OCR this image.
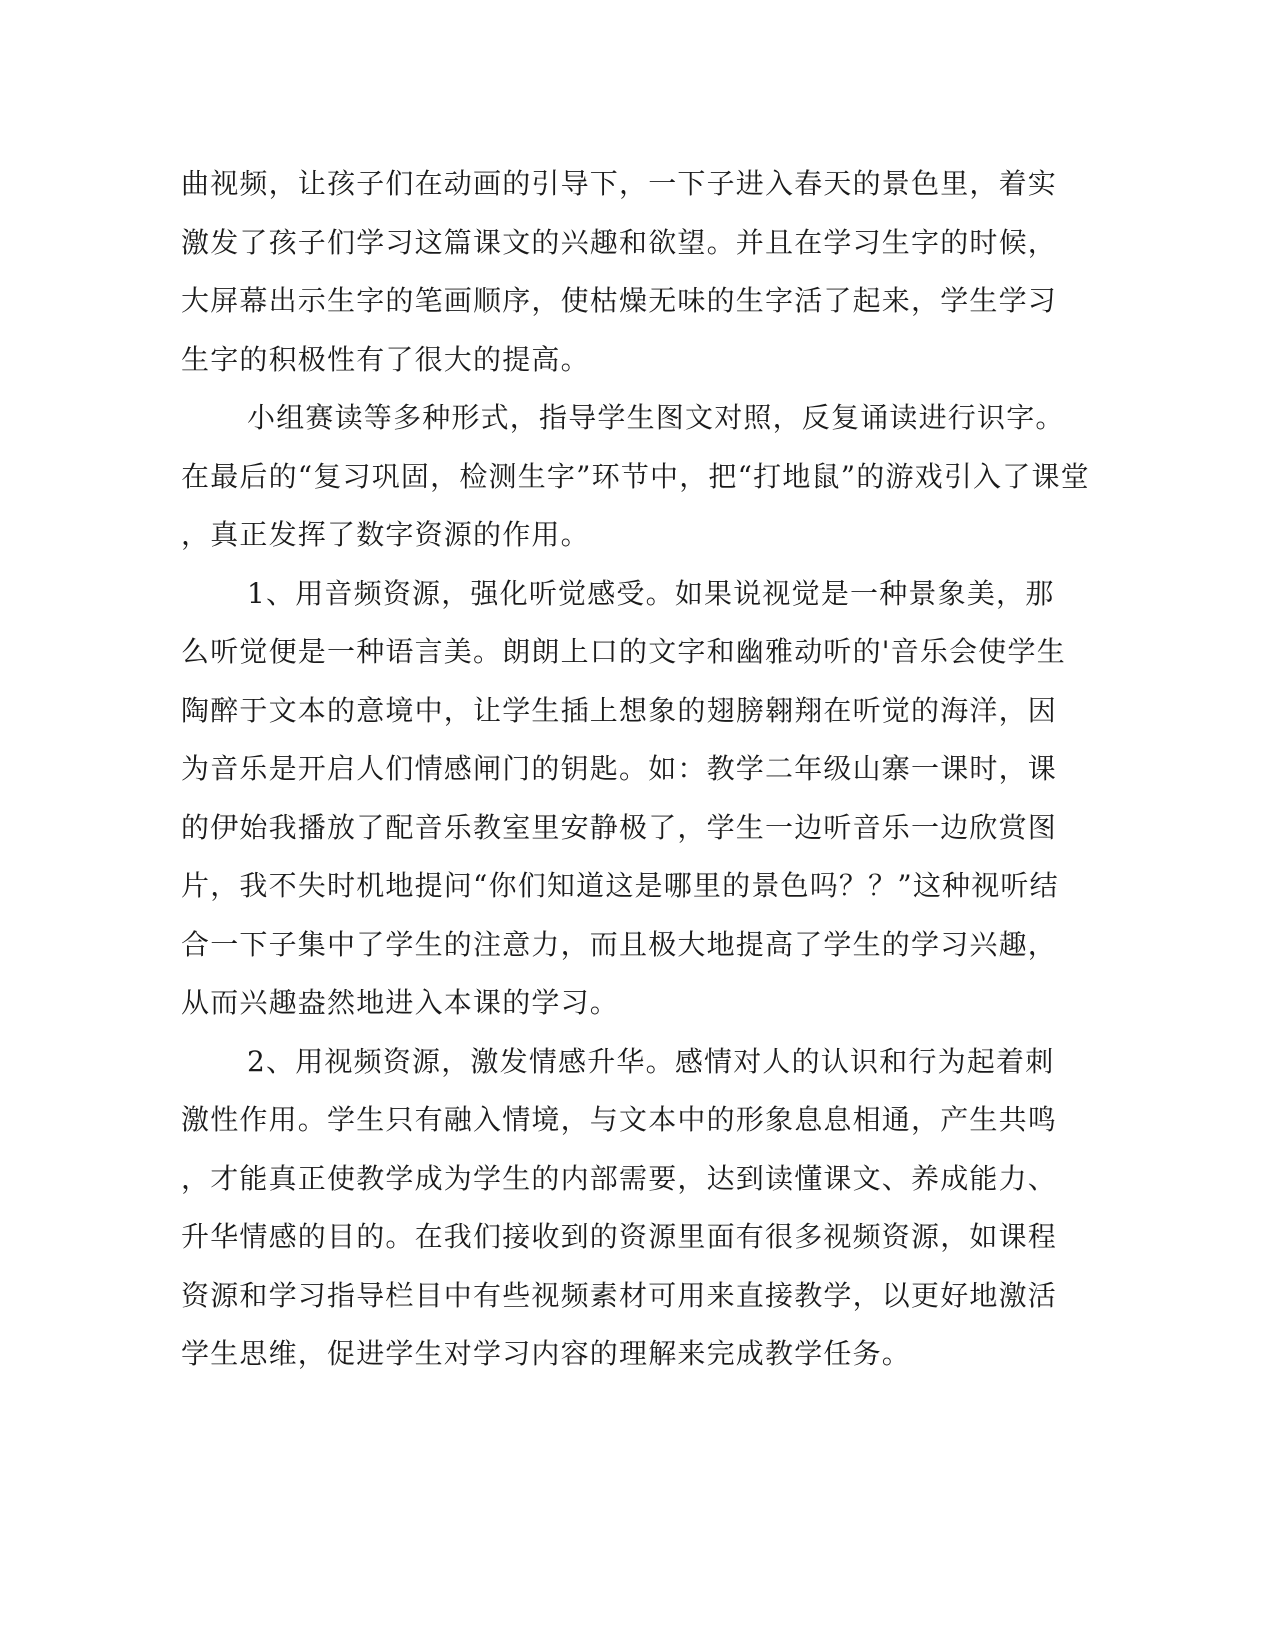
曲视频，让孩子们在动画的引导下，一下子进入春天的景色里，着实
激发了孩子们学习这篇课文的兴趣和欲望。并且在学习生字的时候，
大屏幕出示生字的笔画顺序，使枯燥无味的生字活了起来，学生学习
生字的积极性有了很大的提高。
小组赛读等多种形式，指导学生图文对照，反复诵读进行识字。
在最后的“复习巩固，检测生字”环节中，把“打地鼠”的游戏引入了课堂
，真正发挥了数字资源的作用。
1、用音频资源，强化听觉感受。如果说视觉是一种景象美，那
么听觉便是一种语言美。朗朗上口的文字和幽雅动听的'音乐会使学生
陶醉于文本的意境中，让学生插上想象的翅膀翱翔在听觉的海洋，因
为音乐是开启人们情感闸门的钥匙。如：教学二年级山寨一课时，课
的伊始我播放了配音乐教室里安静极了，学生一边听音乐一边欣赏图
片，我不失时机地提问“你们知道这是哪里的景色吗？？”这种视听结
合一下子集中了学生的注意力，而且极大地提高了学生的学习兴趣，
从而兴趣盎然地进入本课的学习。
2、用视频资源，激发情感升华。感情对人的认识和行为起着刺
激性作用。学生只有融入情境，与文本中的形象息息相通，产生共鸣
，才能真正使教学成为学生的内部需要，达到读懂课文、养成能力、
升华情感的目的。在我们接收到的资源里面有很多视频资源，如课程
资源和学习指导栏目中有些视频素材可用来直接教学，以更好地激活
学生思维，促进学生对学习内容的理解来完成教学任务。
